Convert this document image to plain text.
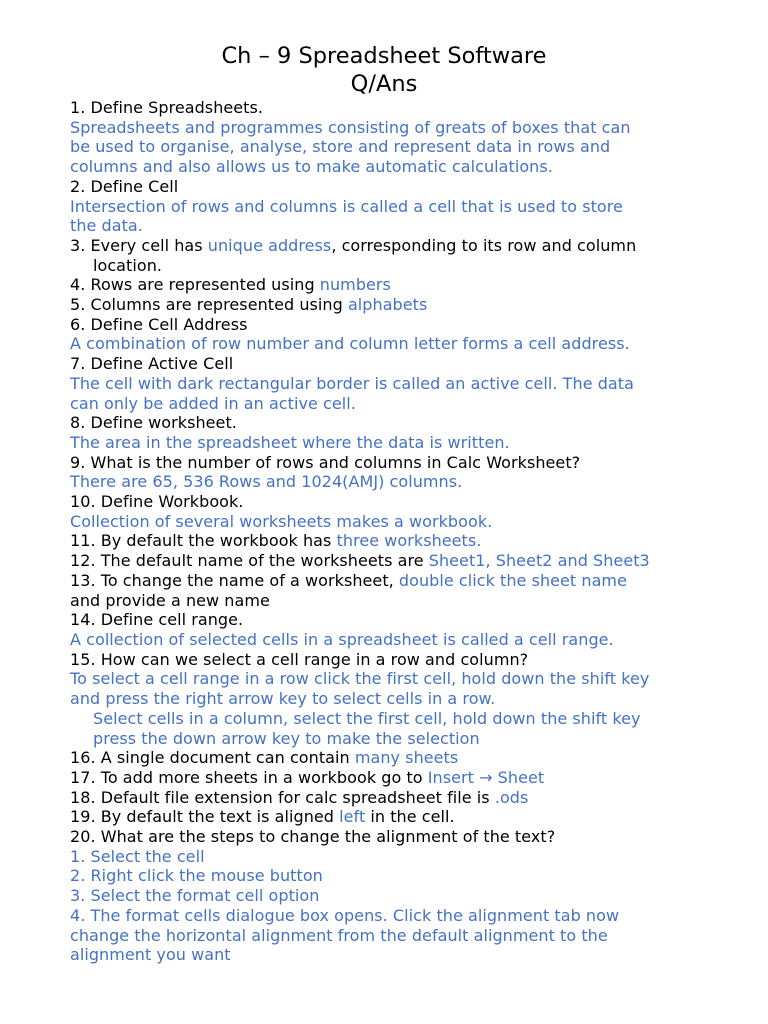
Ch – 9 Spreadsheet Software
Q/Ans
1. Define Spreadsheets.
Spreadsheets and programmes consisting of greats of boxes that can
be used to organise, analyse, store and represent data in rows and
columns and also allows us to make automatic calculations.
2. Define Cell
Intersection of rows and columns is called a cell that is used to store
the data.
3. Every cell has unique address, corresponding to its row and column
location.
4. Rows are represented using numbers
5. Columns are represented using alphabets
6. Define Cell Address
A combination of row number and column letter forms a cell address.
7. Define Active Cell
The cell with dark rectangular border is called an active cell. The data
can only be added in an active cell.
8. Define worksheet.
The area in the spreadsheet where the data is written.
9. What is the number of rows and columns in Calc Worksheet?
There are 65, 536 Rows and 1024(AMJ) columns.
10. Define Workbook.
Collection of several worksheets makes a workbook.
11. By default the workbook has three worksheets.
12. The default name of the worksheets are Sheet1, Sheet2 and Sheet3
13. To change the name of a worksheet, double click the sheet name
and provide a new name
14. Define cell range.
A collection of selected cells in a spreadsheet is called a cell range.
15. How can we select a cell range in a row and column?
To select a cell range in a row click the first cell, hold down the shift key
and press the right arrow key to select cells in a row.
Select cells in a column, select the first cell, hold down the shift key
press the down arrow key to make the selection
16. A single document can contain many sheets
17. To add more sheets in a workbook go to Insert → Sheet
18. Default file extension for calc spreadsheet file is .ods
19. By default the text is aligned left in the cell.
20. What are the steps to change the alignment of the text?
1. Select the cell
2. Right click the mouse button
3. Select the format cell option
4. The format cells dialogue box opens. Click the alignment tab now
change the horizontal alignment from the default alignment to the
alignment you want
